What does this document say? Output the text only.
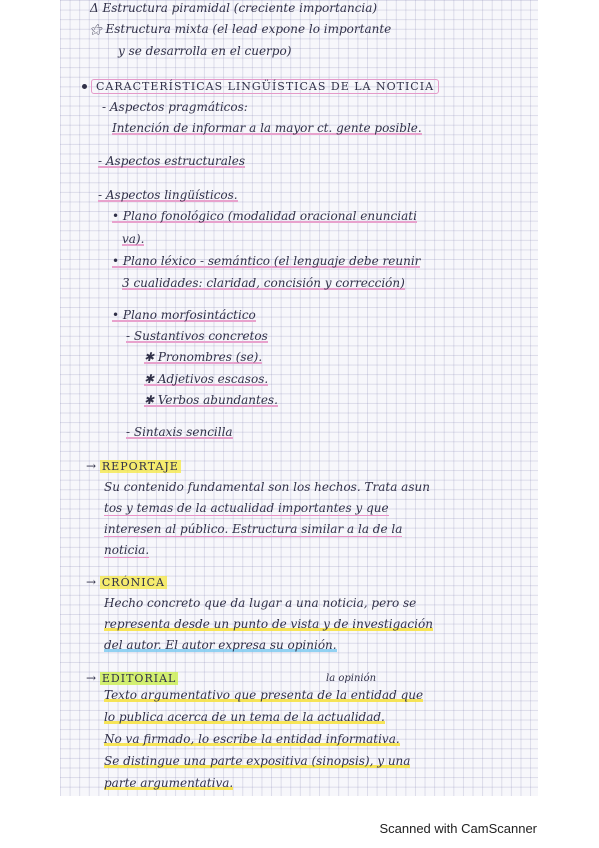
Δ Estructura piramidal (creciente importancia)
⚝ Estructura mixta (el lead expone lo importante
y se desarrolla en el cuerpo)
CARACTERÍSTICAS LINGÜÍSTICAS DE LA NOTICIA
- Aspectos pragmáticos:
Intención de informar a la mayor ct. gente posible.
- Aspectos estructurales
- Aspectos lingüísticos.
• Plano fonológico (modalidad oracional enunciati
va).
• Plano léxico - semántico (el lenguaje debe reunir
3 cualidades: claridad, concisión y corrección)
• Plano morfosintáctico
- Sustantivos concretos
✱ Pronombres (se).
✱ Adjetivos escasos.
✱ Verbos abundantes.
- Sintaxis sencilla
→ REPORTAJE
Su contenido fundamental son los hechos. Trata asun
tos y temas de la actualidad importantes y que
interesen al público. Estructura similar a la de la
noticia.
→ CRÓNICA
Hecho concreto que da lugar a una noticia, pero se
representa desde un punto de vista y de investigación
del autor. El autor expresa su opinión.
→ EDITORIAL	la opinión
Texto argumentativo que presenta de la entidad que
lo publica acerca de un tema de la actualidad.
No va firmado, lo escribe la entidad informativa.
Se distingue una parte expositiva (sinopsis), y una
parte argumentativa.
Scanned with CamScanner
